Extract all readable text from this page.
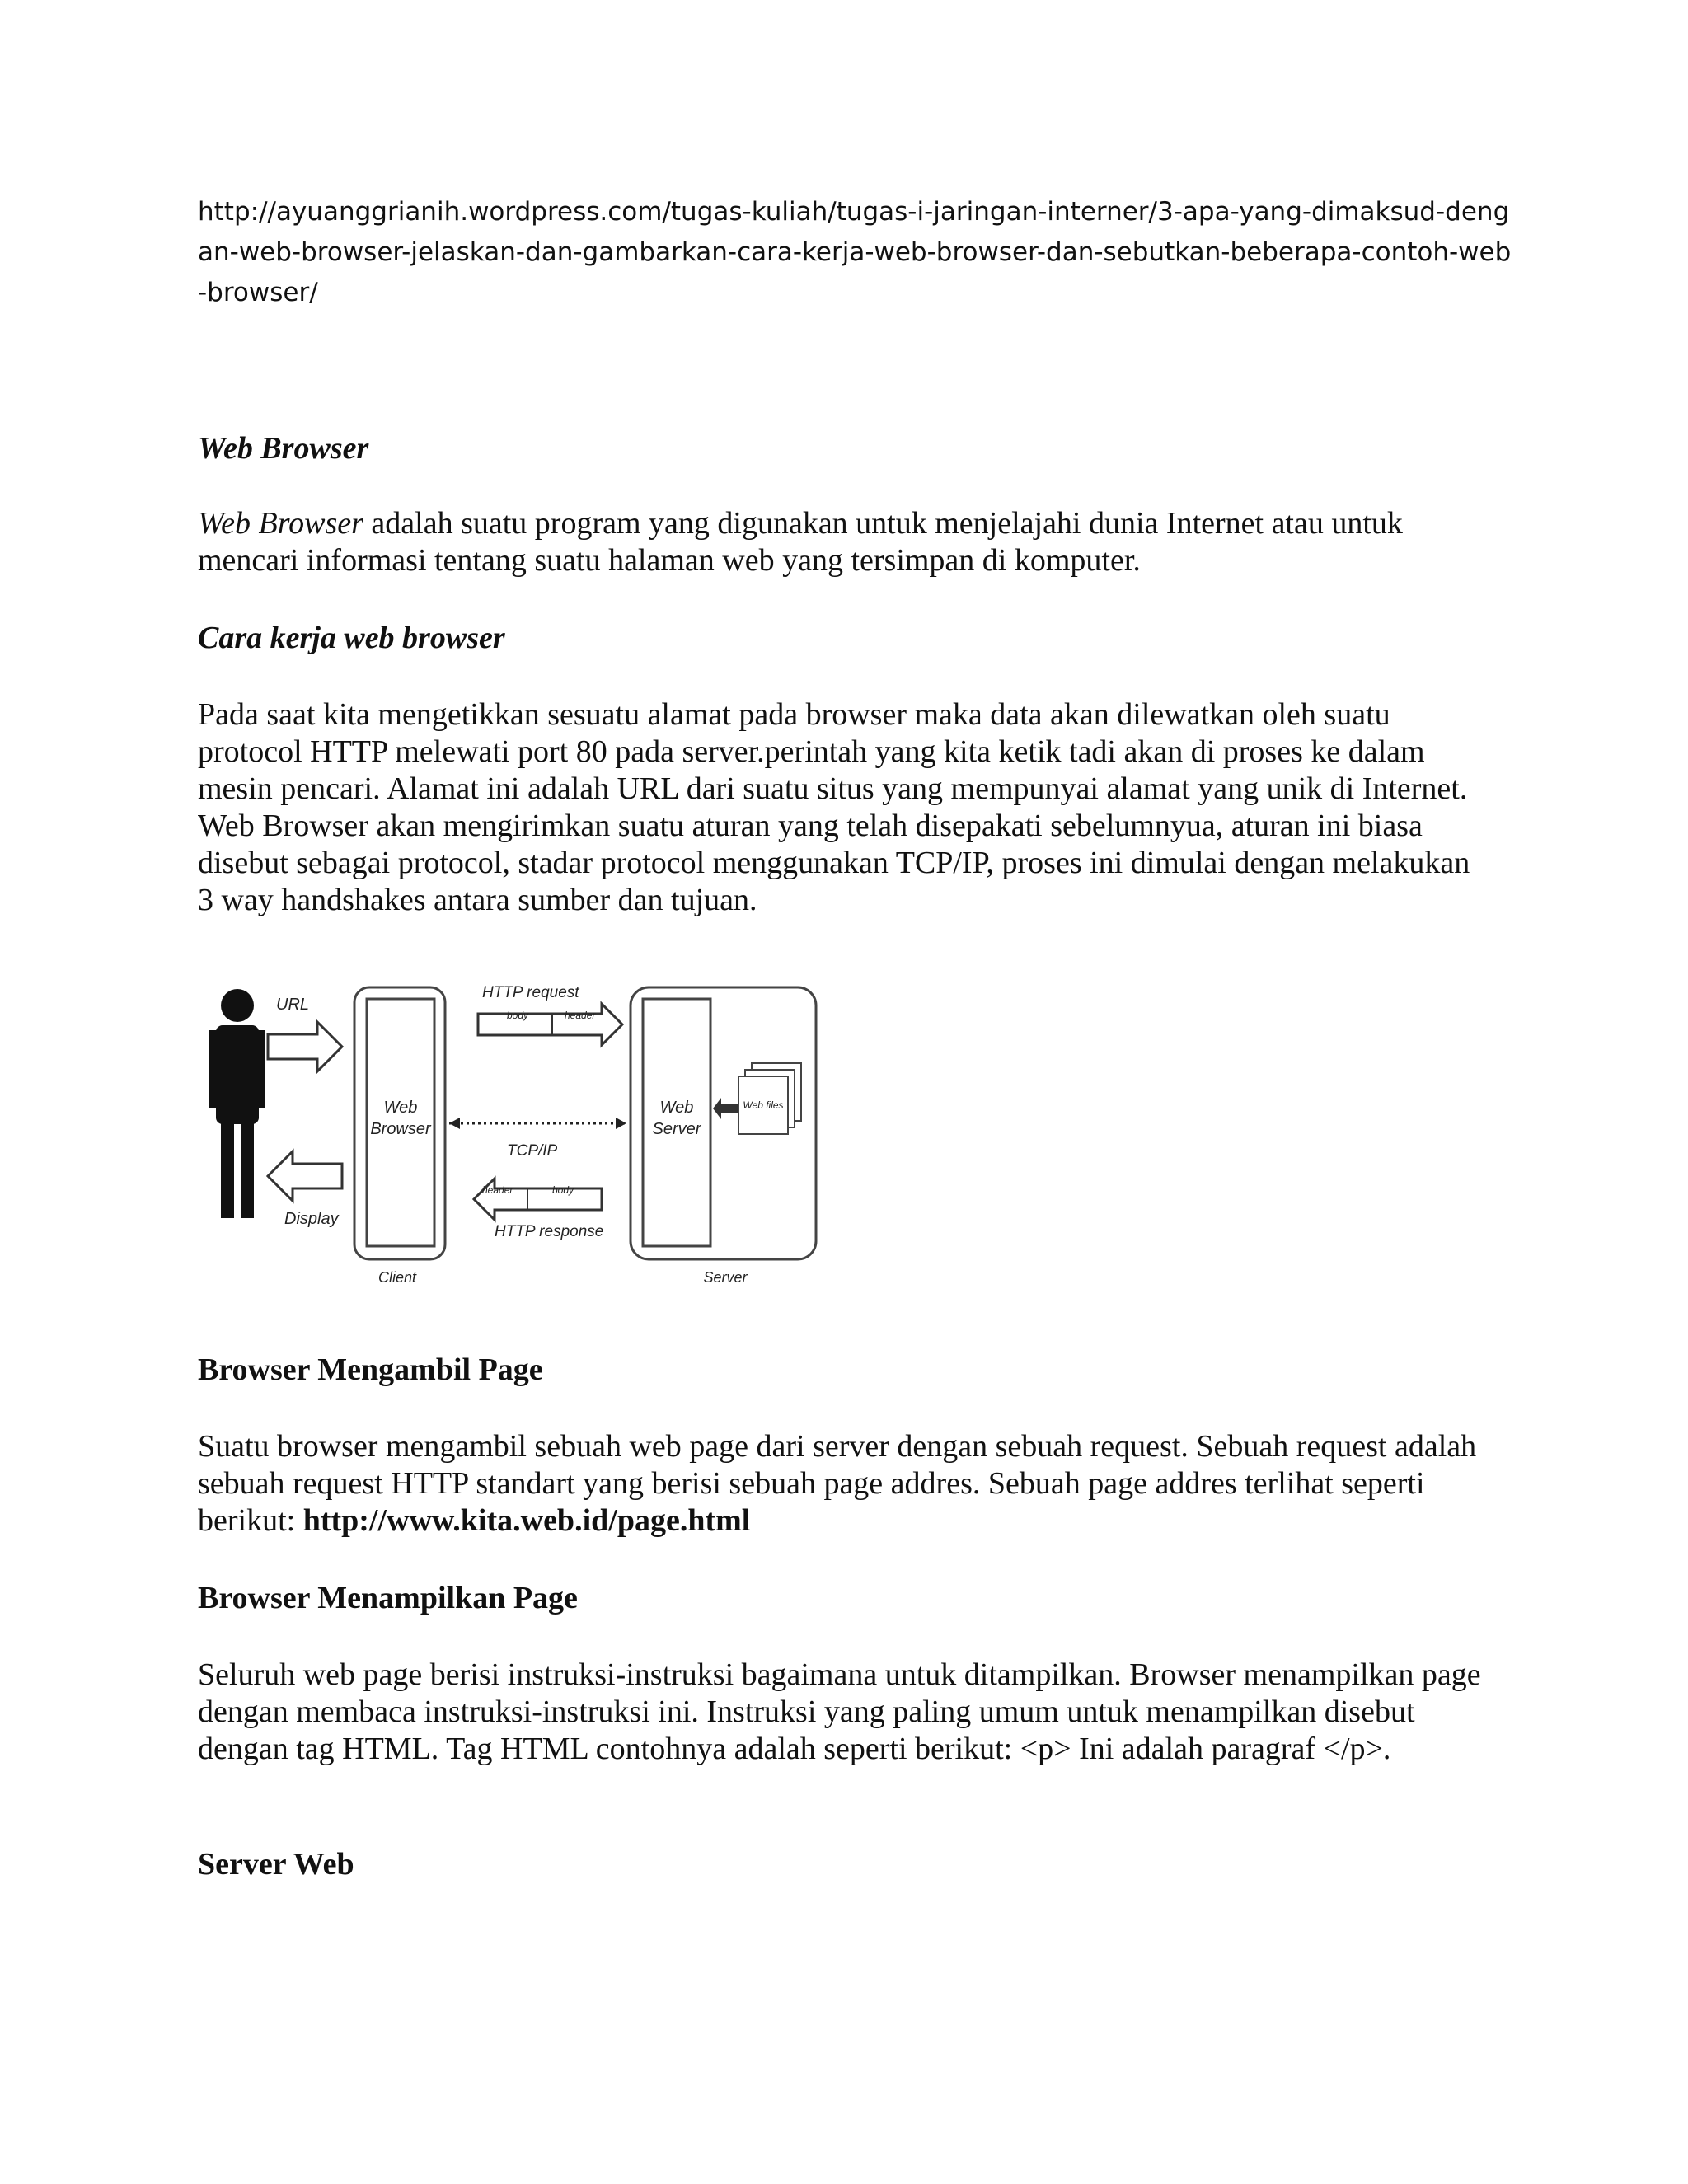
http://ayuanggrianih.wordpress.com/tugas-kuliah/tugas-i-jaringan-interner/3-apa-yang-dimaksud-dengan-web-browser-jelaskan-dan-gambarkan-cara-kerja-web-browser-dan-sebutkan-beberapa-contoh-web-browser/
Web Browser
Web Browser adalah suatu program yang digunakan untuk menjelajahi dunia Internet atau untuk mencari informasi tentang suatu halaman web yang tersimpan di komputer.
Cara kerja web browser
Pada saat kita mengetikkan sesuatu alamat pada browser maka data akan dilewatkan oleh suatu protocol HTTP melewati port 80 pada server.perintah yang kita ketik tadi akan di proses ke dalam mesin pencari. Alamat ini adalah URL dari suatu situs yang mempunyai alamat yang unik di Internet. Web Browser akan mengirimkan suatu aturan yang telah disepakati sebelumnyua, aturan ini biasa disebut sebagai protocol, stadar protocol menggunakan TCP/IP, proses ini dimulai dengan melakukan 3 way handshakes antara sumber dan tujuan.
URL
Display
Web
Browser
Client
HTTP request
body	header
TCP/IP
header	body
HTTP response
Web
Server
Server
Web files
Browser Mengambil Page
Suatu browser mengambil sebuah web page dari server dengan sebuah request. Sebuah request adalah sebuah request HTTP standart yang berisi sebuah page addres. Sebuah page addres terlihat seperti berikut: http://www.kita.web.id/page.html
Browser Menampilkan Page
Seluruh web page berisi instruksi-instruksi bagaimana untuk ditampilkan. Browser menampilkan page dengan membaca instruksi-instruksi ini. Instruksi yang paling umum untuk menampilkan disebut dengan tag HTML. Tag HTML contohnya adalah seperti berikut: <p> Ini adalah paragraf </p>.
Server Web
